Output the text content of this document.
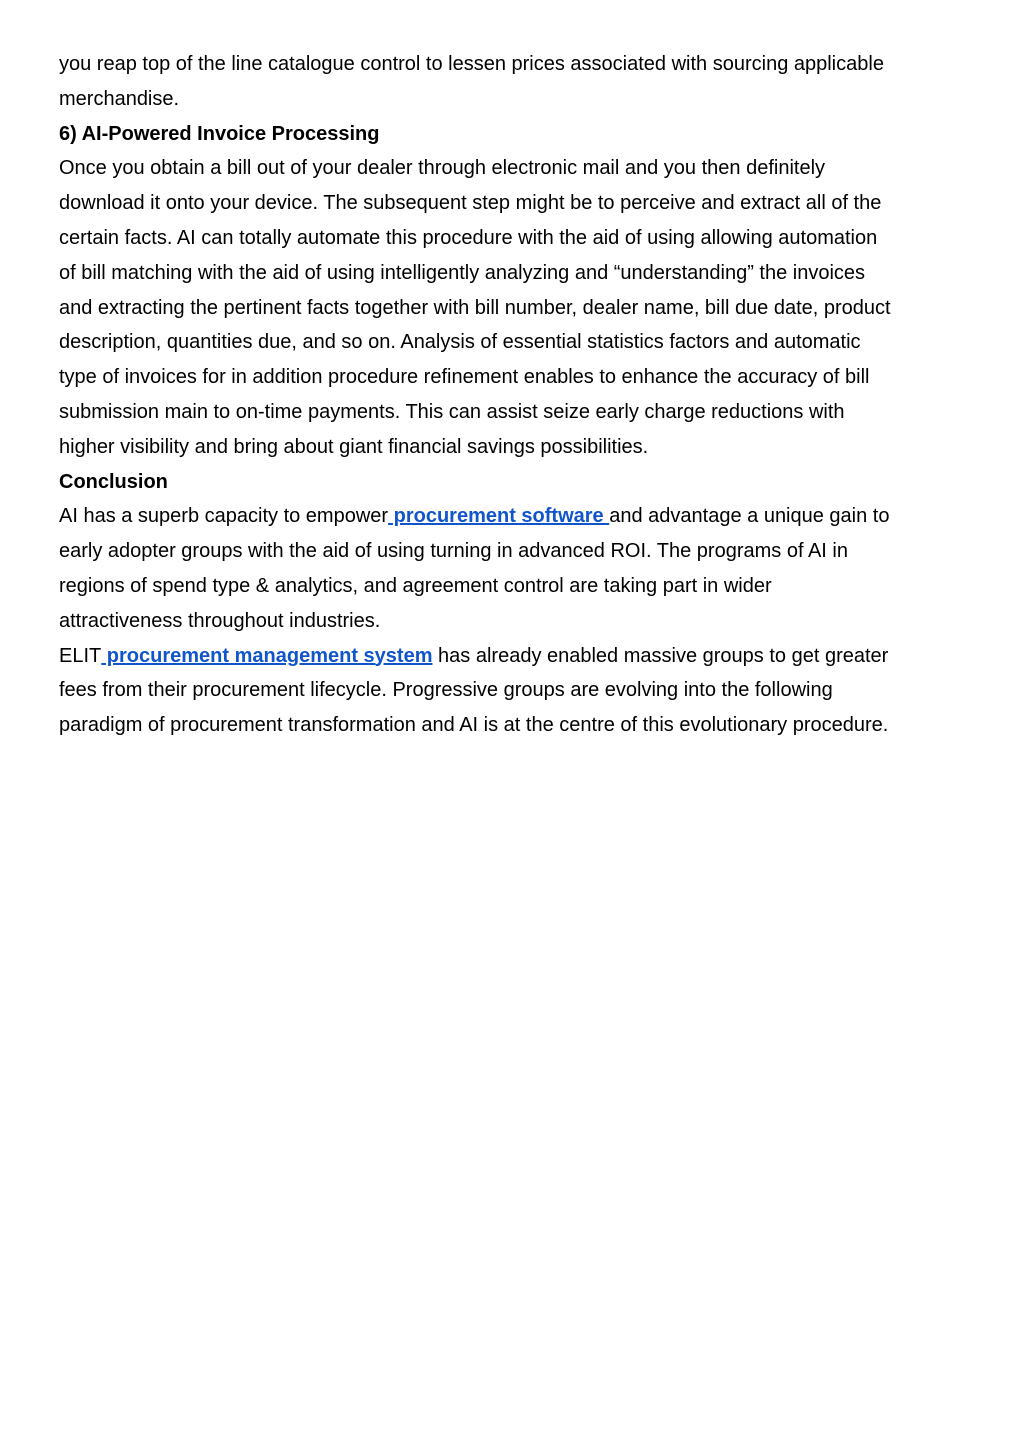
you reap top of the line catalogue control to lessen prices associated with sourcing applicable
merchandise.
6) AI-Powered Invoice Processing
Once you obtain a bill out of your dealer through electronic mail and you then definitely
download it onto your device. The subsequent step might be to perceive and extract all of the
certain facts. AI can totally automate this procedure with the aid of using allowing automation
of bill matching with the aid of using intelligently analyzing and “understanding” the invoices
and extracting the pertinent facts together with bill number, dealer name, bill due date, product
description, quantities due, and so on. Analysis of essential statistics factors and automatic
type of invoices for in addition procedure refinement enables to enhance the accuracy of bill
submission main to on-time payments. This can assist seize early charge reductions with
higher visibility and bring about giant financial savings possibilities.
Conclusion
AI has a superb capacity to empower procurement software and advantage a unique gain to
early adopter groups with the aid of using turning in advanced ROI. The programs of AI in
regions of spend type & analytics, and agreement control are taking part in wider
attractiveness throughout industries.
ELIT procurement management system has already enabled massive groups to get greater
fees from their procurement lifecycle. Progressive groups are evolving into the following
paradigm of procurement transformation and AI is at the centre of this evolutionary procedure.
